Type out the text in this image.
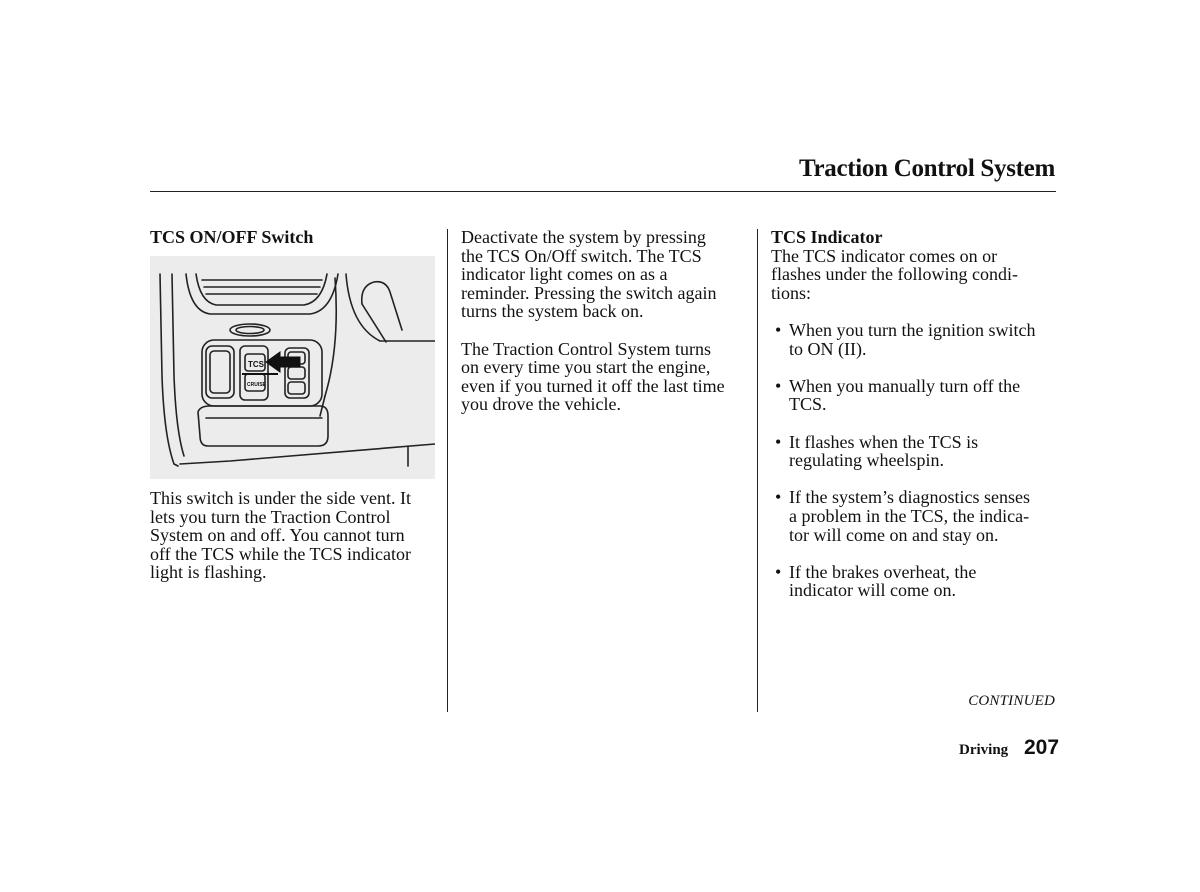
Traction Control System

TCS ON/OFF Switch

TCS
CRUISE

This switch is under the side vent. It
lets you turn the Traction Control
System on and off. You cannot turn
off the TCS while the TCS indicator
light is flashing.

Deactivate the system by pressing
the TCS On/Off switch. The TCS
indicator light comes on as a
reminder. Pressing the switch again
turns the system back on.

The Traction Control System turns
on every time you start the engine,
even if you turned it off the last time
you drove the vehicle.

TCS Indicator

The TCS indicator comes on or
flashes under the following condi-
tions:

• When you turn the ignition switch
to ON (II).
• When you manually turn off the
TCS.
• It flashes when the TCS is
regulating wheelspin.
• If the system’s diagnostics senses
a problem in the TCS, the indica-
tor will come on and stay on.
• If the brakes overheat, the
indicator will come on.
CONTINUED
Driving 207
